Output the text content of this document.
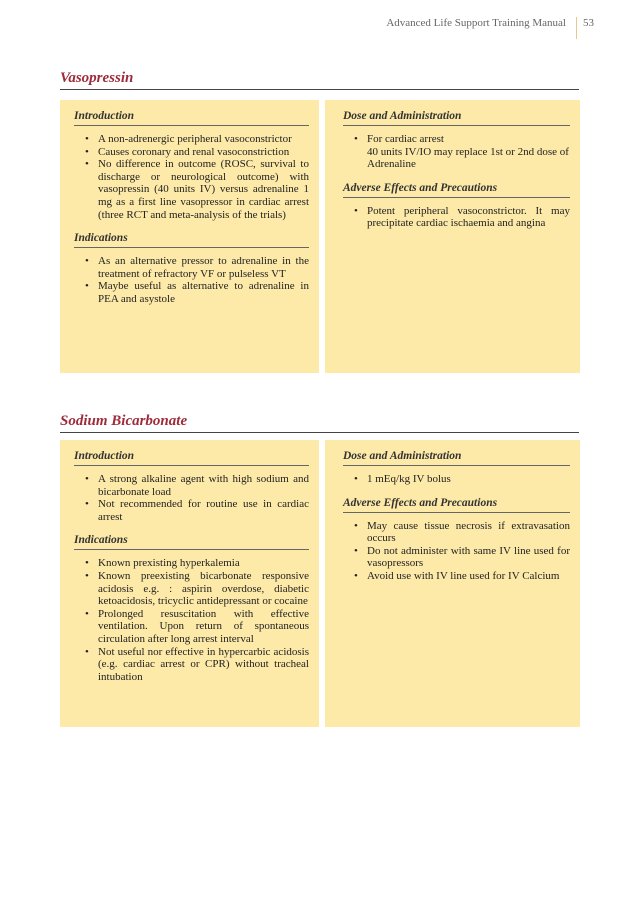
Advanced Life Support Training Manual	53
Vasopressin
Introduction
• A non-adrenergic peripheral vasoconstrictor
• Causes coronary and renal vasoconstriction
• No difference in outcome (ROSC, survival to discharge or neurological outcome) with vasopressin (40 units IV) versus adrenaline 1 mg as a first line vasopressor in cardiac arrest (three RCT and meta-analysis of the trials)
Indications
• As an alternative pressor to adrenaline in the treatment of refractory VF or pulseless VT
• Maybe useful as alternative to adrenaline in PEA and asystole
Dose and Administration
• For cardiac arrest
40 units IV/IO may replace 1st or 2nd dose of Adrenaline
Adverse Effects and Precautions
• Potent peripheral vasoconstrictor. It may precipitate cardiac ischaemia and angina
Sodium Bicarbonate
Introduction
• A strong alkaline agent with high sodium and bicarbonate load
• Not recommended for routine use in cardiac arrest
Indications
• Known prexisting hyperkalemia
• Known preexisting bicarbonate responsive acidosis e.g. : aspirin overdose, diabetic ketoacidosis, tricyclic antidepressant or cocaine
• Prolonged resuscitation with effective ventilation. Upon return of spontaneous circulation after long arrest interval
• Not useful nor effective in hypercarbic acidosis (e.g. cardiac arrest or CPR) without tracheal intubation
Dose and Administration
• 1 mEq/kg IV bolus
Adverse Effects and Precautions
• May cause tissue necrosis if extravasation occurs
• Do not administer with same IV line used for vasopressors
• Avoid use with IV line used for IV Calcium
